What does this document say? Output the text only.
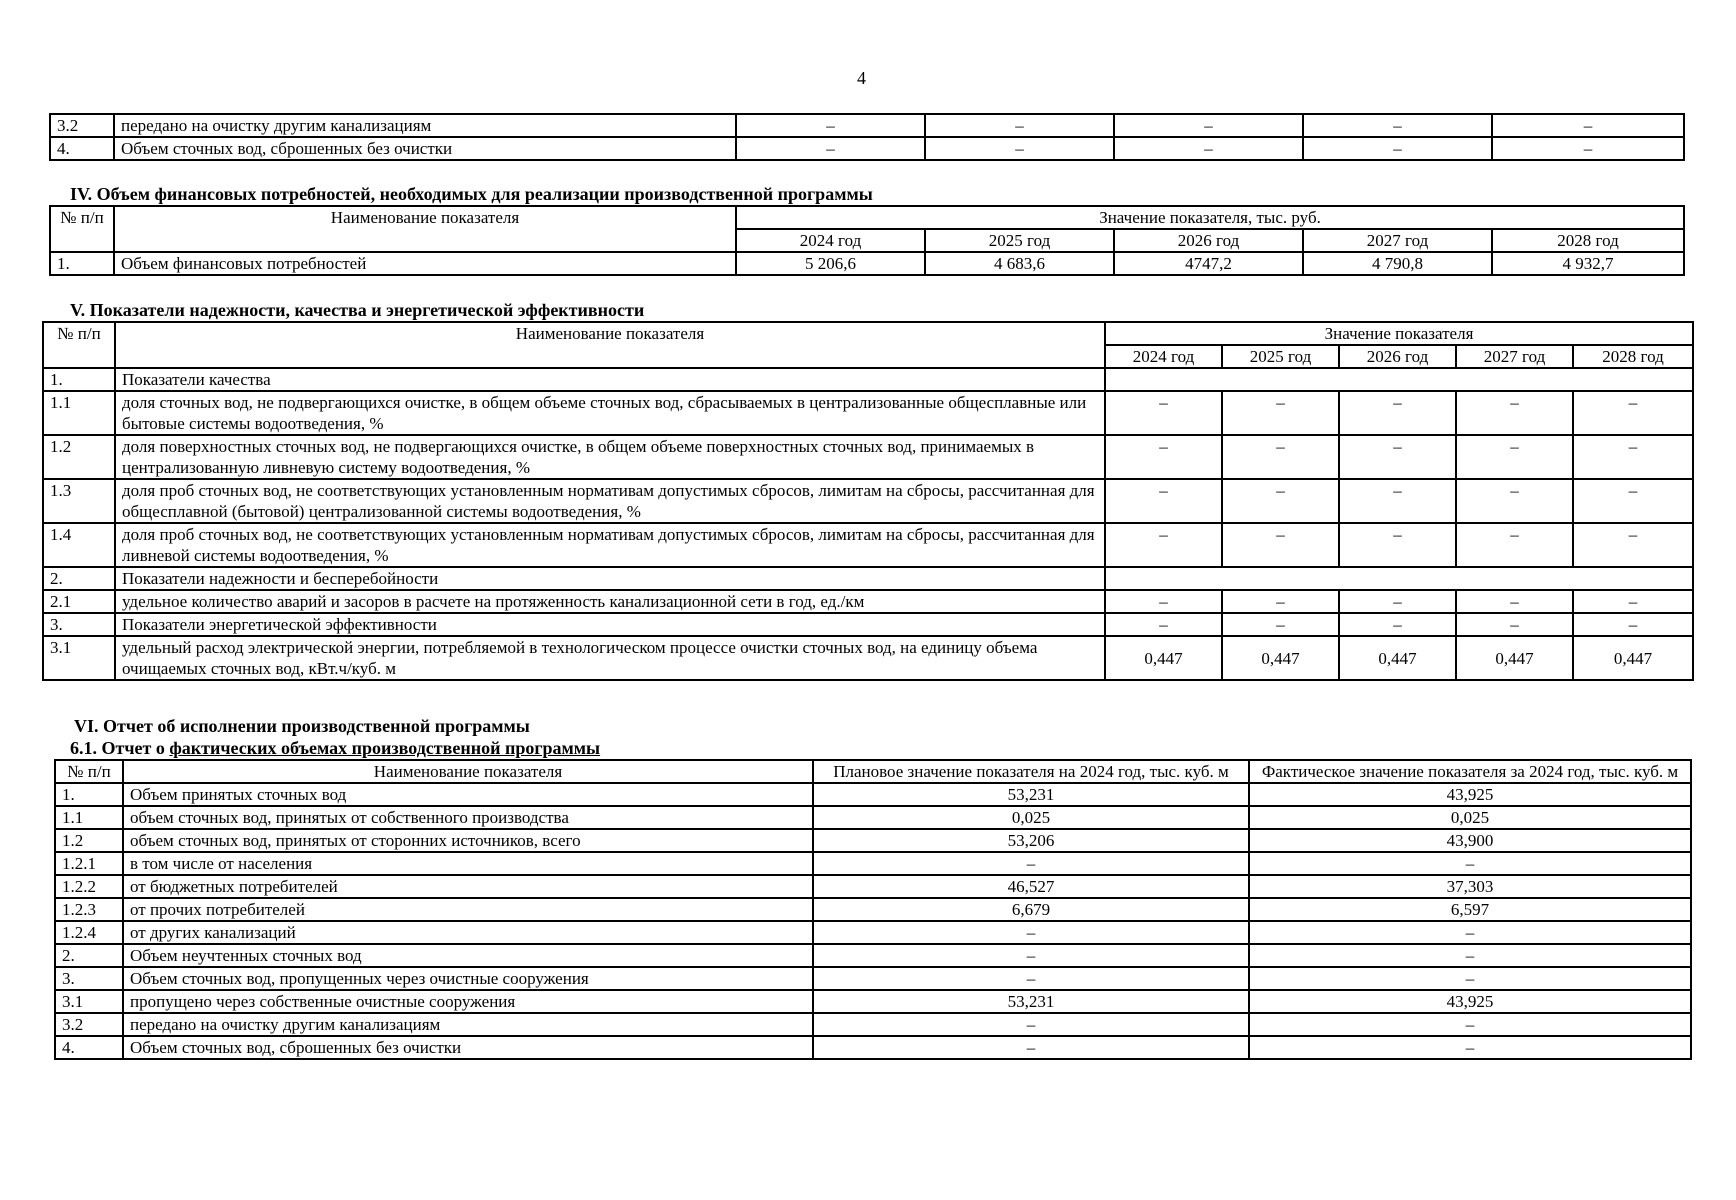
4
3.2	передано на очистку другим канализациям	–	–	–	–	–
4.	Объем сточных вод, сброшенных без очистки	–	–	–	–	–
IV. Объем финансовых потребностей, необходимых для реализации производственной программы
№ п/п	Наименование показателя	Значение показателя, тыс. руб.				
		2024 год	2025 год	2026 год	2027 год	2028 год
1.	Объем финансовых потребностей	5 206,6	4 683,6	4747,2	4 790,8	4 932,7
V. Показатели надежности, качества и энергетической эффективности
№ п/п	Наименование показателя	Значение показателя				
		2024 год	2025 год	2026 год	2027 год	2028 год
1.	Показатели качества					
1.1	доля сточных вод, не подвергающихся очистке, в общем объеме сточных вод, сбрасываемых в централизованные общесплавные или бытовые системы водоотведения, %	–	–	–	–	–
1.2	доля поверхностных сточных вод, не подвергающихся очистке, в общем объеме поверхностных сточных вод, принимаемых в централизованную ливневую систему водоотведения, %	–	–	–	–	–
1.3	доля проб сточных вод, не соответствующих установленным нормативам допустимых сбросов, лимитам на сбросы, рассчитанная для общесплавной (бытовой) централизованной системы водоотведения, %	–	–	–	–	–
1.4	доля проб сточных вод, не соответствующих установленным нормативам допустимых сбросов, лимитам на сбросы, рассчитанная для ливневой системы водоотведения, %	–	–	–	–	–
2.	Показатели надежности и бесперебойности					
2.1	удельное количество аварий и засоров в расчете на протяженность канализационной сети в год, ед./км	–	–	–	–	–
3.	Показатели энергетической эффективности	–	–	–	–	–
3.1	удельный расход электрической энергии, потребляемой в технологическом процессе очистки сточных вод, на единицу объема очищаемых сточных вод, кВт.ч/куб. м	0,447	0,447	0,447	0,447	0,447
VI. Отчет об исполнении производственной программы
6.1. Отчет о фактических объемах производственной программы
№ п/п	Наименование показателя	Плановое значение показателя на 2024 год, тыс. куб. м	Фактическое значение показателя за 2024 год, тыс. куб. м
1.	Объем принятых сточных вод	53,231	43,925
1.1	объем сточных вод, принятых от собственного производства	0,025	0,025
1.2	объем сточных вод, принятых от сторонних источников, всего	53,206	43,900
1.2.1	в том числе от населения	–	–
1.2.2	от бюджетных потребителей	46,527	37,303
1.2.3	от прочих потребителей	6,679	6,597
1.2.4	от других канализаций	–	–
2.	Объем неучтенных сточных вод	–	–
3.	Объем сточных вод, пропущенных через очистные сооружения	–	–
3.1	пропущено через собственные очистные сооружения	53,231	43,925
3.2	передано на очистку другим канализациям	–	–
4.	Объем сточных вод, сброшенных без очистки	–	–
